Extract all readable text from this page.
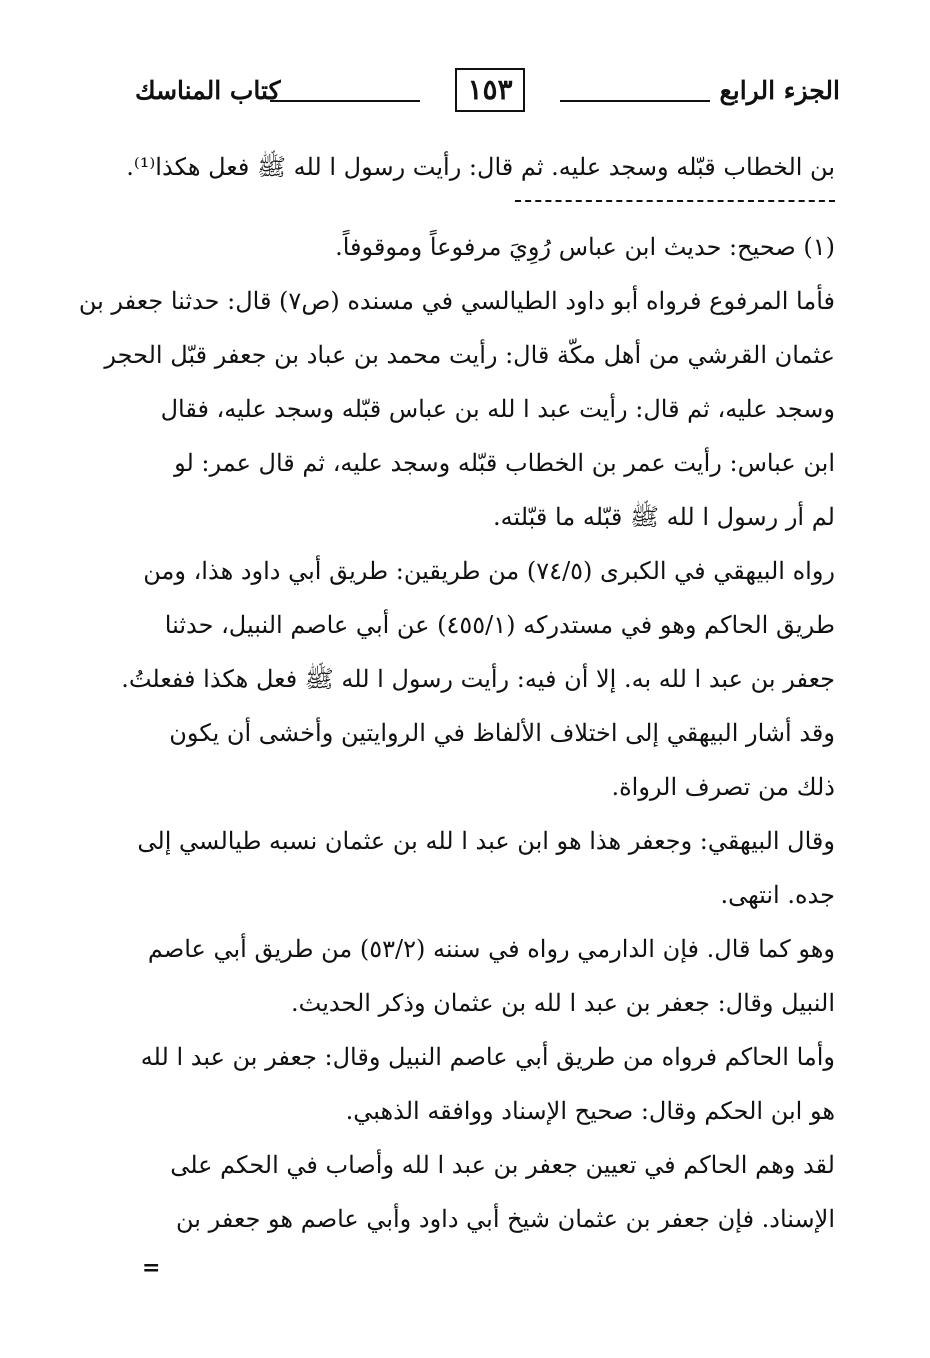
الجزء الرابع
١٥٣
كتاب المناسك
بن الخطاب قبّله وسجد عليه. ثم قال: رأيت رسول ا لله ﷺ فعل هكذا⁽¹⁾.
(١) صحيح: حديث ابن عباس رُوِيَ مرفوعاً وموقوفاً.
فأما المرفوع فرواه أبو داود الطيالسي في مسنده (ص٧) قال: حدثنا جعفر بن
عثمان القرشي من أهل مكّة قال: رأيت محمد بن عباد بن جعفر قبّل الحجر
وسجد عليه، ثم قال: رأيت عبد ا لله بن عباس قبّله وسجد عليه، فقال
ابن عباس: رأيت عمر بن الخطاب قبّله وسجد عليه، ثم قال عمر: لو
لم أر رسول ا لله ﷺ قبّله ما قبّلته.
رواه البيهقي في الكبرى (٧٤/٥) من طريقين: طريق أبي داود هذا، ومن
طريق الحاكم وهو في مستدركه (٤٥٥/١) عن أبي عاصم النبيل، حدثنا
جعفر بن عبد ا لله به. إلا أن فيه: رأيت رسول ا لله ﷺ فعل هكذا ففعلتُ.
وقد أشار البيهقي إلى اختلاف الألفاظ في الروايتين وأخشى أن يكون
ذلك من تصرف الرواة.
وقال البيهقي: وجعفر هذا هو ابن عبد ا لله بن عثمان نسبه طيالسي إلى
جده. انتهى.
وهو كما قال. فإن الدارمي رواه في سننه (٥٣/٢) من طريق أبي عاصم
النبيل وقال: جعفر بن عبد ا لله بن عثمان وذكر الحديث.
وأما الحاكم فرواه من طريق أبي عاصم النبيل وقال: جعفر بن عبد ا لله
هو ابن الحكم وقال: صحيح الإسناد ووافقه الذهبي.
لقد وهم الحاكم في تعيين جعفر بن عبد ا لله وأصاب في الحكم على
الإسناد. فإن جعفر بن عثمان شيخ أبي داود وأبي عاصم هو جعفر بن
=
